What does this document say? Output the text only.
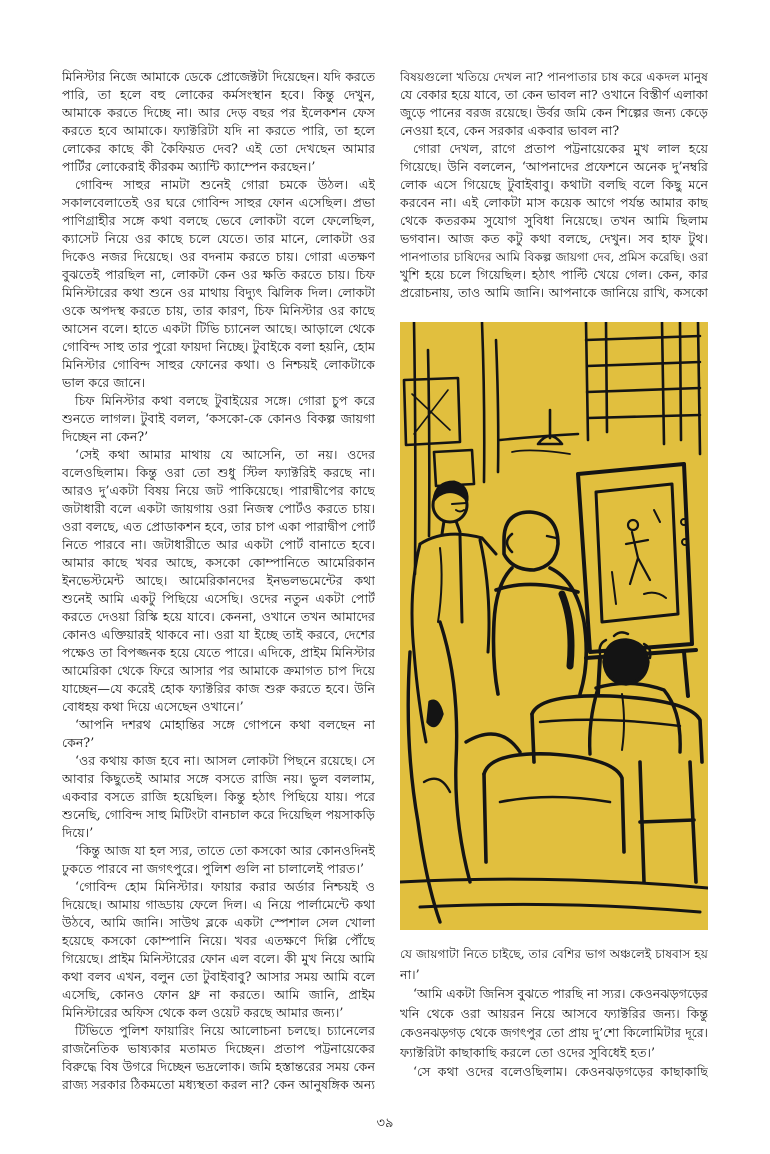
মিনিস্টার নিজে আমাকে ডেকে প্রোজেক্টটা দিয়েছেন। যদি করতে
পারি, তা হলে বহু লোকের কর্মসংস্থান হবে। কিন্তু দেখুন,
আমাকে করতে দিচ্ছে না। আর দেড় বছর পর ইলেকশন ফেস
করতে হবে আমাকে। ফ্যাক্টরিটা যদি না করতে পারি, তা হলে
লোকের কাছে কী কৈফিয়ত দেব? এই তো দেখছেন আমার
পার্টির লোকেরাই কীরকম অ্যান্টি ক্যাম্পেন করছেন।’
গোবিন্দ সাহুর নামটা শুনেই গোরা চমকে উঠল। এই
সকালবেলাতেই ওর ঘরে গোবিন্দ সাহুর ফোন এসেছিল। প্রভা
পাণিগ্রাহীর সঙ্গে কথা বলছে ভেবে লোকটা বলে ফেলেছিল,
ক্যাসেট নিয়ে ওর কাছে চলে যেতে। তার মানে, লোকটা ওর
দিকেও নজর দিয়েছে। ওর বদনাম করতে চায়। গোরা এতক্ষণ
বুঝতেই পারছিল না, লোকটা কেন ওর ক্ষতি করতে চায়। চিফ
মিনিস্টারের কথা শুনে ওর মাথায় বিদ্যুৎ ঝিলিক দিল। লোকটা
ওকে অপদস্থ করতে চায়, তার কারণ, চিফ মিনিস্টার ওর কাছে
আসেন বলে। হাতে একটা টিভি চ্যানেল আছে। আড়ালে থেকে
গোবিন্দ সাহু তার পুরো ফায়দা নিচ্ছে। টুবাইকে বলা হয়নি, হোম
মিনিস্টার গোবিন্দ সাহুর ফোনের কথা। ও নিশ্চয়ই লোকটাকে
ভাল করে জানে।
চিফ মিনিস্টার কথা বলছে টুবাইয়ের সঙ্গে। গোরা চুপ করে
শুনতে লাগল। টুবাই বলল, ‘কসকো-কে কোনও বিকল্প জায়গা
দিচ্ছেন না কেন?’
‘সেই কথা আমার মাথায় যে আসেনি, তা নয়। ওদের
বলেওছিলাম। কিন্তু ওরা তো শুধু স্টিল ফ্যাক্টরিই করছে না।
আরও দু’একটা বিষয় নিয়ে জট পাকিয়েছে। পারাদ্বীপের কাছে
জটাধারী বলে একটা জায়গায় ওরা নিজস্ব পোর্টও করতে চায়।
ওরা বলছে, এত প্রোডাকশন হবে, তার চাপ একা পারাদ্বীপ পোর্ট
নিতে পারবে না। জটাধারীতে আর একটা পোর্ট বানাতে হবে।
আমার কাছে খবর আছে, কসকো কোম্পানিতে আমেরিকান
ইনভেস্টমেন্ট আছে। আমেরিকানদের ইনভলভমেন্টের কথা
শুনেই আমি একটু পিছিয়ে এসেছি। ওদের নতুন একটা পোর্ট
করতে দেওয়া রিস্কি হয়ে যাবে। কেননা, ওখানে তখন আমাদের
কোনও এক্তিয়ারই থাকবে না। ওরা যা ইচ্ছে তাই করবে, দেশের
পক্ষেও তা বিপজ্জনক হয়ে যেতে পারে। এদিকে, প্রাইম মিনিস্টার
আমেরিকা থেকে ফিরে আসার পর আমাকে ক্রমাগত চাপ দিয়ে
যাচ্ছেন—যে করেই হোক ফ্যাক্টরির কাজ শুরু করতে হবে। উনি
বোধহয় কথা দিয়ে এসেছেন ওখানে।’
‘আপনি দশরথ মোহান্তির সঙ্গে গোপনে কথা বলছেন না
কেন?’
‘ওর কথায় কাজ হবে না। আসল লোকটা পিছনে রয়েছে। সে
আবার কিছুতেই আমার সঙ্গে বসতে রাজি নয়। ভুল বললাম,
একবার বসতে রাজি হয়েছিল। কিন্তু হঠাৎ পিছিয়ে যায়। পরে
শুনেছি, গোবিন্দ সাহু মিটিংটা বানচাল করে দিয়েছিল পয়সাকড়ি
দিয়ে।’
‘কিন্তু আজ যা হল স্যর, তাতে তো কসকো আর কোনওদিনই
ঢুকতে পারবে না জগৎপুরে। পুলিশ গুলি না চালালেই পারত।’
‘গোবিন্দ হোম মিনিস্টার। ফায়ার করার অর্ডার নিশ্চয়ই ও
দিয়েছে। আমায় গাড্ডায় ফেলে দিল। এ নিয়ে পার্লামেন্টে কথা
উঠবে, আমি জানি। সাউথ ব্লকে একটা স্পেশাল সেল খোলা
হয়েছে কসকো কোম্পানি নিয়ে। খবর এতক্ষণে দিল্লি পৌঁছে
গিয়েছে। প্রাইম মিনিস্টারের ফোন এল বলে। কী মুখ নিয়ে আমি
কথা বলব এখন, বলুন তো টুবাইবাবু? আসার সময় আমি বলে
এসেছি, কোনও ফোন থ্রু না করতে। আমি জানি, প্রাইম
মিনিস্টারের অফিস থেকে কল ওয়েট করছে আমার জন্য।’
টিভিতে পুলিশ ফায়ারিং নিয়ে আলোচনা চলছে। চ্যানেলের
রাজনৈতিক ভাষ্যকার মতামত দিচ্ছেন। প্রতাপ পট্টনায়েকের
বিরুদ্ধে বিষ উগরে দিচ্ছেন ভদ্রলোক। জমি হস্তান্তরের সময় কেন
রাজ্য সরকার ঠিকমতো মধ্যস্থতা করল না? কেন আনুষঙ্গিক অন্য
বিষয়গুলো খতিয়ে দেখল না? পানপাতার চাষ করে একদল মানুষ
যে বেকার হয়ে যাবে, তা কেন ভাবল না? ওখানে বিস্তীর্ণ এলাকা
জুড়ে পানের বরজ রয়েছে। উর্বর জমি কেন শিল্পের জন্য কেড়ে
নেওয়া হবে, কেন সরকার একবার ভাবল না?
গোরা দেখল, রাগে প্রতাপ পট্টনায়েকের মুখ লাল হয়ে
গিয়েছে। উনি বললেন, ‘আপনাদের প্রফেশনে অনেক দু’নম্বরি
লোক এসে গিয়েছে টুবাইবাবু। কথাটা বলছি বলে কিছু মনে
করবেন না। এই লোকটা মাস কয়েক আগে পর্যন্ত আমার কাছ
থেকে কতরকম সুযোগ সুবিধা নিয়েছে। তখন আমি ছিলাম
ভগবান। আজ কত কটু কথা বলছে, দেখুন। সব হাফ টুথ।
পানপাতার চাষিদের আমি বিকল্প জায়গা দেব, প্রমিস করেছি। ওরা
খুশি হয়ে চলে গিয়েছিল। হঠাৎ পাল্টি খেয়ে গেল। কেন, কার
প্ররোচনায়, তাও আমি জানি। আপনাকে জানিয়ে রাখি, কসকো
যে জায়গাটা নিতে চাইছে, তার বেশির ভাগ অঞ্চলেই চাষবাস হয়
না।’
‘আমি একটা জিনিস বুঝতে পারছি না স্যর। কেওনঝড়গড়ের
খনি থেকে ওরা আয়রন নিয়ে আসবে ফ্যাক্টরির জন্য। কিন্তু
কেওনঝড়গড় থেকে জগৎপুর তো প্রায় দু’শো কিলোমিটার দূরে।
ফ্যাক্টরিটা কাছাকাছি করলে তো ওদের সুবিধেই হত।’
‘সে কথা ওদের বলেওছিলাম। কেওনঝড়গড়ের কাছাকাছি
৩৯
